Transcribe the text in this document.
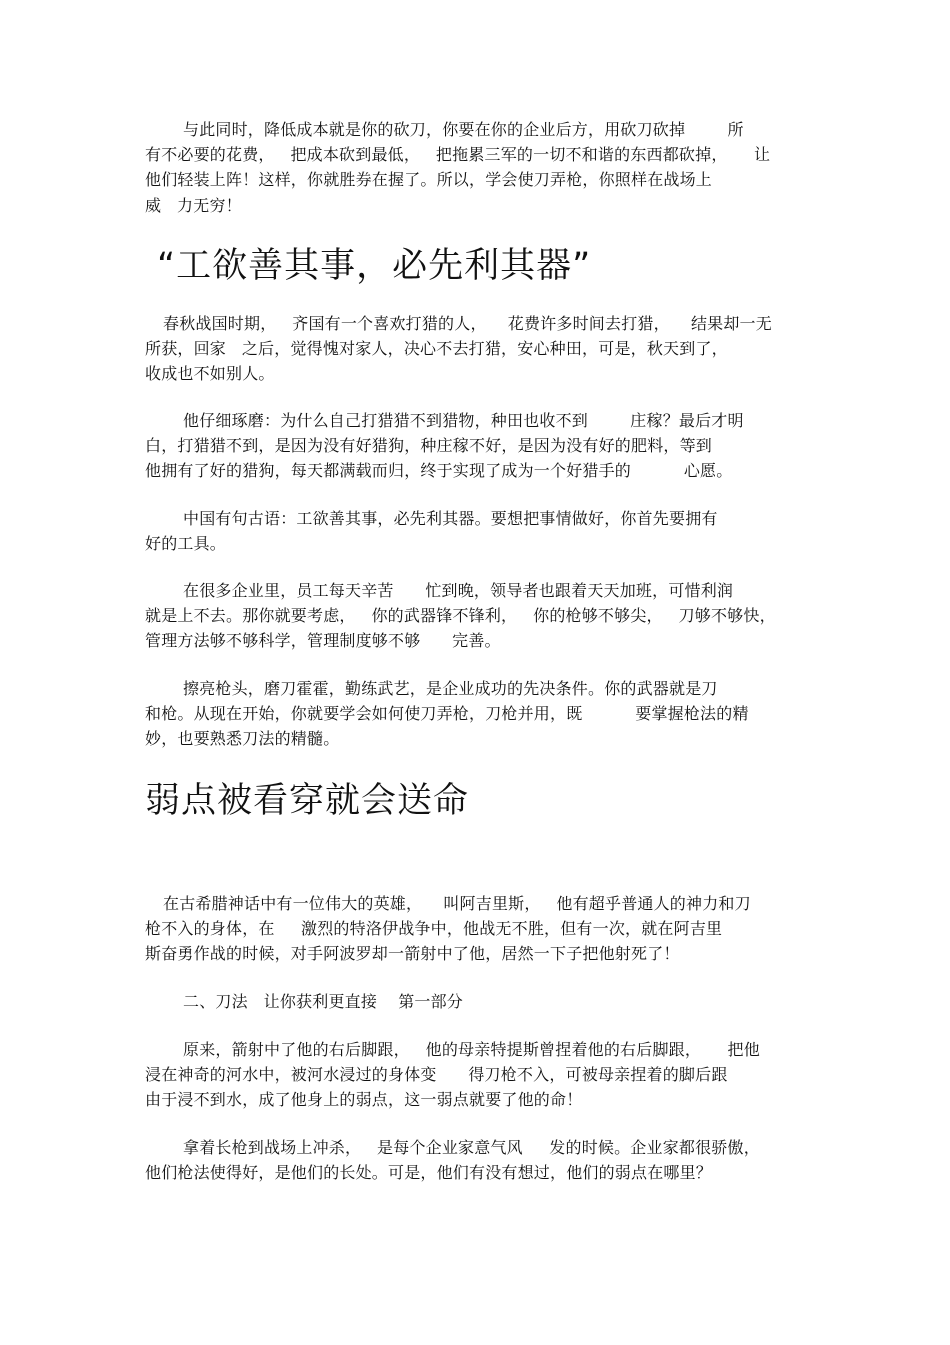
与此同时，降低成本就是你的砍刀，你要在你的企业后方，用砍刀砍掉        所
有不必要的花费，   把成本砍到最低，   把拖累三军的一切不和谐的东西都砍掉，     让
他们轻装上阵！这样，你就胜券在握了。所以，学会使刀弄枪，你照样在战场上
威   力无穷！
“工欲善其事，必先利其器”
春秋战国时期，   齐国有一个喜欢打猎的人，    花费许多时间去打猎，    结果却一无
所获，回家   之后，觉得愧对家人，决心不去打猎，安心种田，可是，秋天到了，
收成也不如别人。
他仔细琢磨：为什么自己打猎猎不到猎物，种田也收不到        庄稼？最后才明
白，打猎猎不到，是因为没有好猎狗，种庄稼不好，是因为没有好的肥料，等到
他拥有了好的猎狗，每天都满载而归，终于实现了成为一个好猎手的          心愿。
中国有句古语：工欲善其事，必先利其器。要想把事情做好，你首先要拥有
好的工具。
在很多企业里，员工每天辛苦      忙到晚，领导者也跟着天天加班，可惜利润
就是上不去。那你就要考虑，   你的武器锋不锋利，   你的枪够不够尖，   刀够不够快，
管理方法够不够科学，管理制度够不够      完善。
擦亮枪头，磨刀霍霍，勤练武艺，是企业成功的先决条件。你的武器就是刀
和枪。从现在开始，你就要学会如何使刀弄枪，刀枪并用，既          要掌握枪法的精
妙，也要熟悉刀法的精髓。
弱点被看穿就会送命
在古希腊神话中有一位伟大的英雄，    叫阿吉里斯，   他有超乎普通人的神力和刀
枪不入的身体，在     激烈的特洛伊战争中，他战无不胜，但有一次，就在阿吉里
斯奋勇作战的时候，对手阿波罗却一箭射中了他，居然一下子把他射死了！
二、刀法   让你获利更直接    第一部分
原来，箭射中了他的右后脚跟，   他的母亲特提斯曾捏着他的右后脚跟，     把他
浸在神奇的河水中，被河水浸过的身体变      得刀枪不入，可被母亲捏着的脚后跟
由于浸不到水，成了他身上的弱点，这一弱点就要了他的命！
拿着长枪到战场上冲杀，   是每个企业家意气风     发的时候。企业家都很骄傲，
他们枪法使得好，是他们的长处。可是，他们有没有想过，他们的弱点在哪里？
